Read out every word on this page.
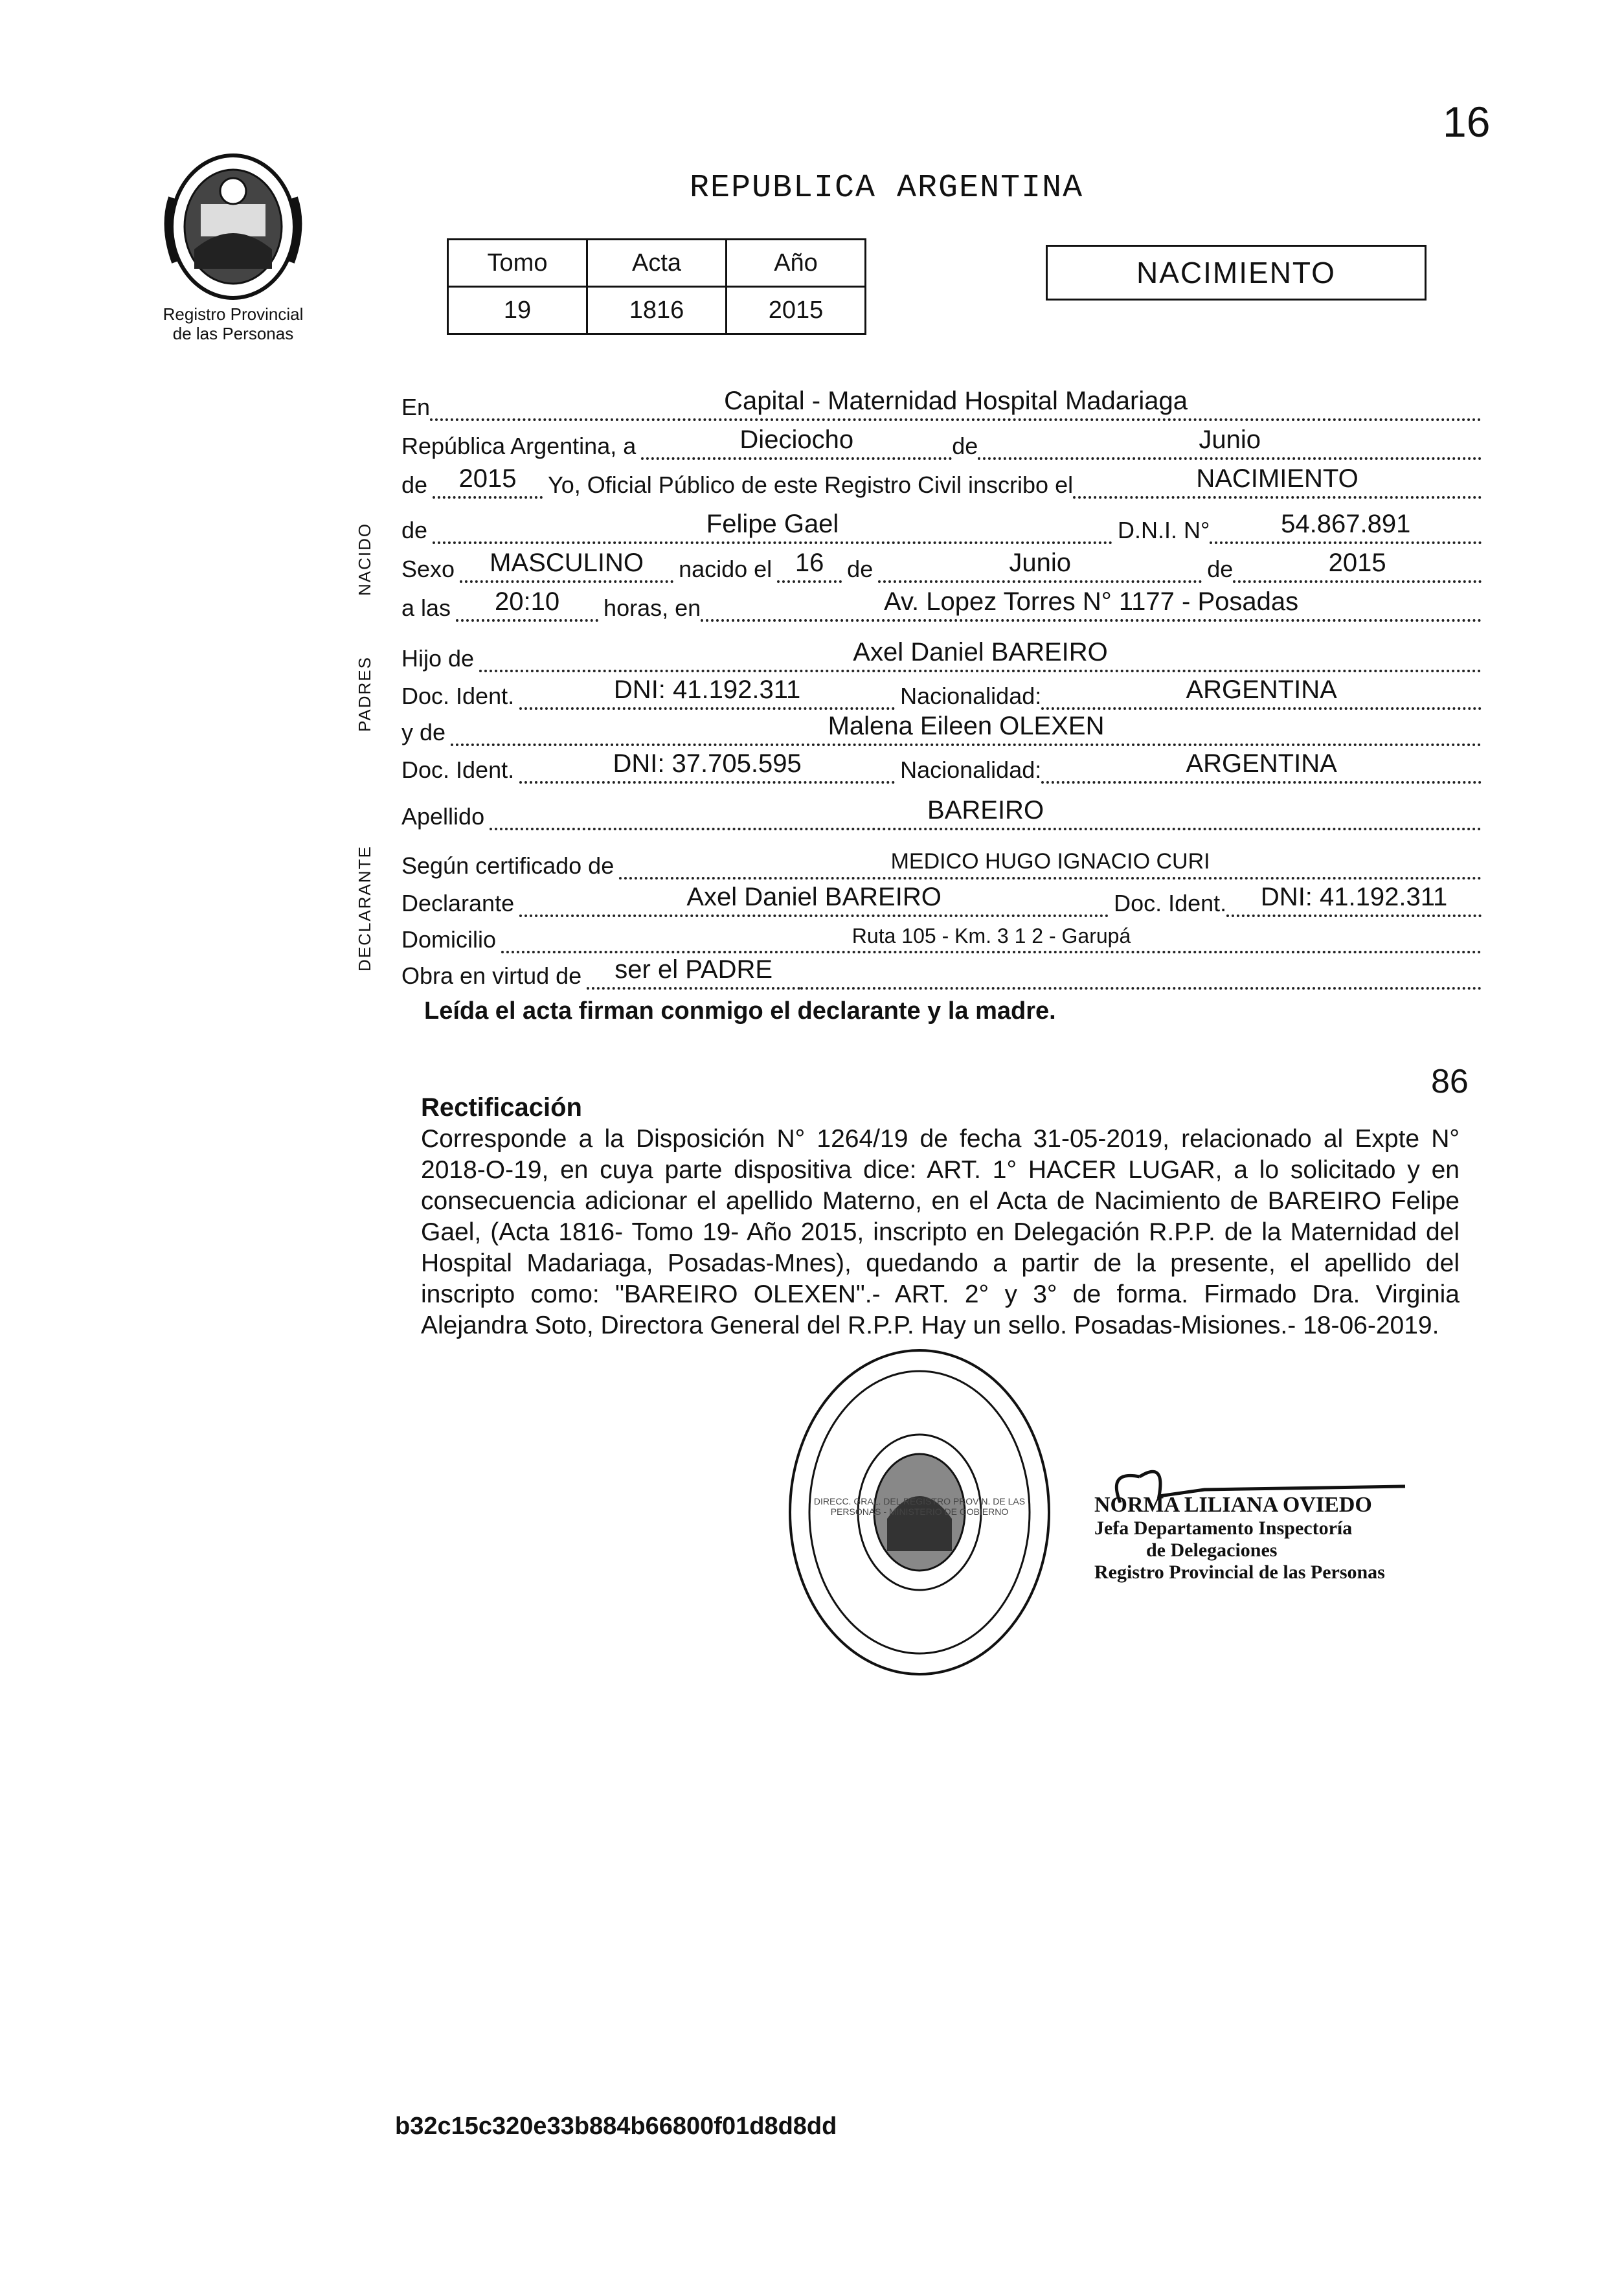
16
Registro Provincial
de las Personas
REPUBLICA ARGENTINA
Tomo	Acta	Año
19	1816	2015
NACIMIENTO
NACIDO
PADRES
DECLARANTE
En	Capital - Maternidad Hospital Madariaga
República Argentina, a	Dieciocho	de	Junio
de	2015	Yo, Oficial Público de este Registro Civil inscribo el	NACIMIENTO
de	Felipe Gael	D.N.I. N°	54.867.891
Sexo	MASCULINO	nacido el 16 de	Junio	de	2015
a las	20:10	horas, en	Av. Lopez Torres N° 1177 - Posadas
Hijo de	Axel Daniel BAREIRO
Doc. Ident.	DNI: 41.192.311	Nacionalidad:	ARGENTINA
y de	Malena Eileen OLEXEN
Doc. Ident.	DNI: 37.705.595	Nacionalidad:	ARGENTINA
Apellido	BAREIRO
Según certificado de	MEDICO HUGO IGNACIO CURI
Declarante	Axel Daniel BAREIRO	Doc. Ident.	DNI: 41.192.311
Domicilio	Ruta 105 - Km. 3 1 2 - Garupá
Obra en virtud de	ser el PADRE
Leída el acta firman conmigo el declarante y la madre.
86
Rectificación
Corresponde a la Disposición N° 1264/19 de fecha 31-05-2019, relacionado al Expte N° 2018-O-19, en cuya parte dispositiva dice: ART. 1° HACER LUGAR, a lo solicitado y en consecuencia adicionar el apellido Materno, en el Acta de Nacimiento de BAREIRO Felipe Gael, (Acta 1816- Tomo 19- Año 2015, inscripto en Delegación R.P.P. de la Maternidad del Hospital Madariaga, Posadas-Mnes), quedando a partir de la presente, el apellido del inscripto como: "BAREIRO OLEXEN".- ART. 2° y 3° de forma. Firmado Dra. Virginia Alejandra Soto, Directora General del R.P.P. Hay un sello. Posadas-Misiones.- 18-06-2019.
DIRECC. GRAL. DEL REGISTRO PROVIN. DE LAS PERSONAS - MINISTERIO DE GOBIERNO	NORMA LILIANA OVIEDO
Jefa Departamento Inspectoría
de Delegaciones
Registro Provincial de las Personas
b32c15c320e33b884b66800f01d8d8dd
